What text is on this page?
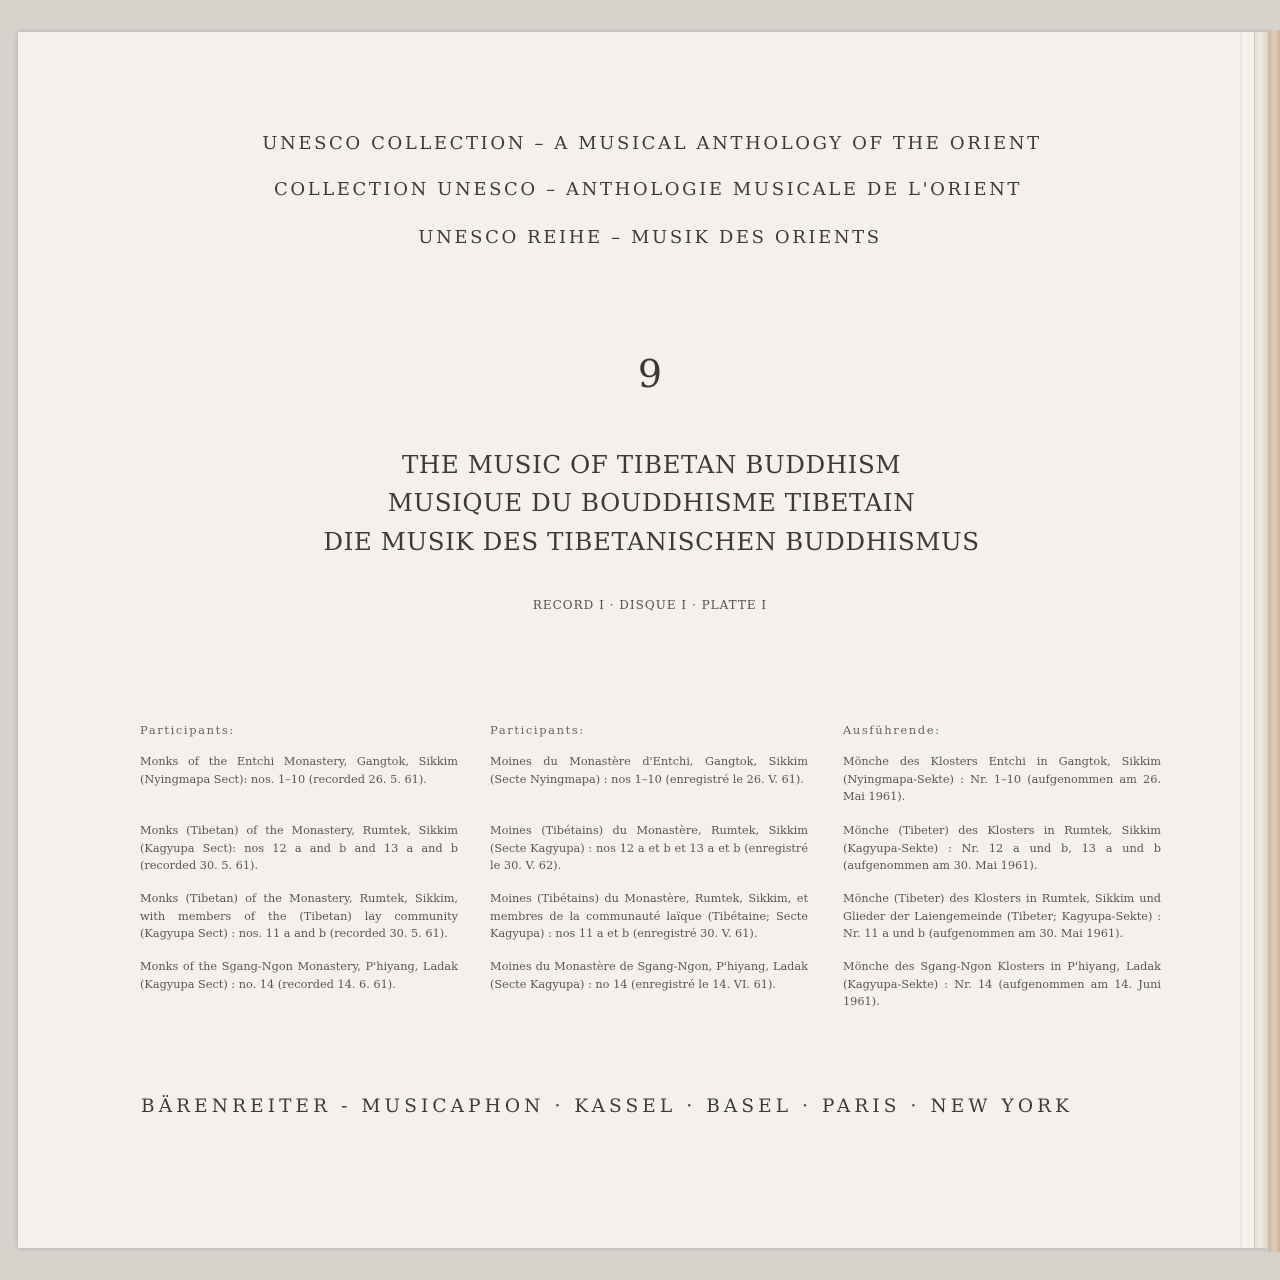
UNESCO COLLECTION – A MUSICAL ANTHOLOGY OF THE ORIENT
COLLECTION UNESCO – ANTHOLOGIE MUSICALE DE L'ORIENT
UNESCO REIHE – MUSIK DES ORIENTS
9
THE MUSIC OF TIBETAN BUDDHISM
MUSIQUE DU BOUDDHISME TIBETAIN
DIE MUSIK DES TIBETANISCHEN BUDDHISMUS
RECORD I · DISQUE I · PLATTE I
Participants:
Monks of the Entchi Monastery, Gangtok, Sikkim (Nyingmapa Sect): nos. 1–10 (recorded 26. 5. 61).
Monks (Tibetan) of the Monastery, Rumtek, Sikkim (Kagyupa Sect): nos 12 a and b and 13 a and b (recorded 30. 5. 61).
Monks (Tibetan) of the Monastery, Rumtek, Sikkim, with members of the (Tibetan) lay community (Kagyupa Sect) : nos. 11 a and b (recorded 30. 5. 61).
Monks of the Sgang-Ngon Monastery, P'hiyang, Ladak (Kagyupa Sect) : no. 14 (recorded 14. 6. 61).
Participants:
Moines du Monastère d'Entchi, Gangtok, Sikkim (Secte Nyingmapa) : nos 1–10 (enregistré le 26. V. 61).
Moines (Tibétains) du Monastère, Rumtek, Sikkim (Secte Kagyupa) : nos 12 a et b et 13 a et b (enregistré le 30. V. 62).
Moines (Tibétains) du Monastère, Rumtek, Sikkim, et membres de la communauté laïque (Tibétaine; Secte Kagyupa) : nos 11 a et b (enregistré 30. V. 61).
Moines du Monastère de Sgang-Ngon, P'hiyang, Ladak (Secte Kagyupa) : no 14 (enregistré le 14. VI. 61).
Ausführende:
Mönche des Klosters Entchi in Gangtok, Sikkim (Nyingmapa-Sekte) : Nr. 1–10 (aufgenommen am 26. Mai 1961).
Mönche (Tibeter) des Klosters in Rumtek, Sikkim (Kagyupa-Sekte) : Nr. 12 a und b, 13 a und b (aufgenommen am 30. Mai 1961).
Mönche (Tibeter) des Klosters in Rumtek, Sikkim und Glieder der Laiengemeinde (Tibeter; Kagyupa-Sekte) : Nr. 11 a und b (aufgenommen am 30. Mai 1961).
Mönche des Sgang-Ngon Klosters in P'hiyang, Ladak (Kagyupa-Sekte) : Nr. 14 (aufgenommen am 14. Juni 1961).
BÄRENREITER - MUSICAPHON · KASSEL · BASEL · PARIS · NEW YORK
